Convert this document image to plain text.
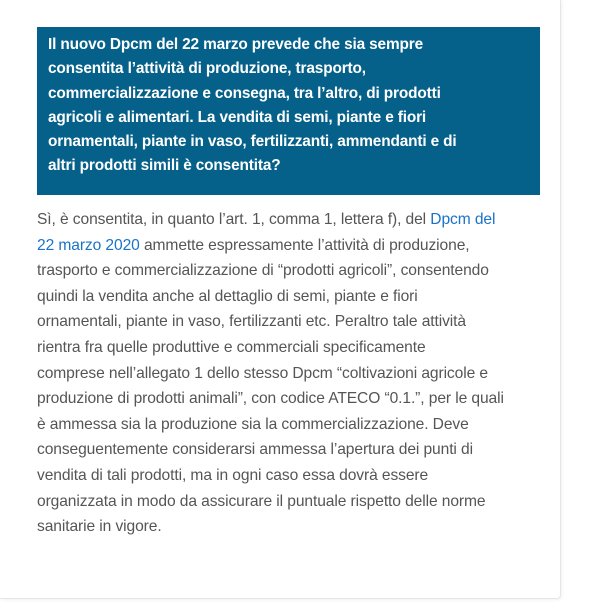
Il nuovo Dpcm del 22 marzo prevede che sia sempre
consentita l’attività di produzione, trasporto,
commercializzazione e consegna, tra l’altro, di prodotti
agricoli e alimentari. La vendita di semi, piante e fiori
ornamentali, piante in vaso, fertilizzanti, ammendanti e di
altri prodotti simili è consentita?
Sì, è consentita, in quanto l’art. 1, comma 1, lettera f), del Dpcm del
22 marzo 2020 ammette espressamente l’attività di produzione,
trasporto e commercializzazione di “prodotti agricoli”, consentendo
quindi la vendita anche al dettaglio di semi, piante e fiori
ornamentali, piante in vaso, fertilizzanti etc. Peraltro tale attività
rientra fra quelle produttive e commerciali specificamente
comprese nell’allegato 1 dello stesso Dpcm “coltivazioni agricole e
produzione di prodotti animali”, con codice ATECO “0.1.”, per le quali
è ammessa sia la produzione sia la commercializzazione. Deve
conseguentemente considerarsi ammessa l’apertura dei punti di
vendita di tali prodotti, ma in ogni caso essa dovrà essere
organizzata in modo da assicurare il puntuale rispetto delle norme
sanitarie in vigore.
